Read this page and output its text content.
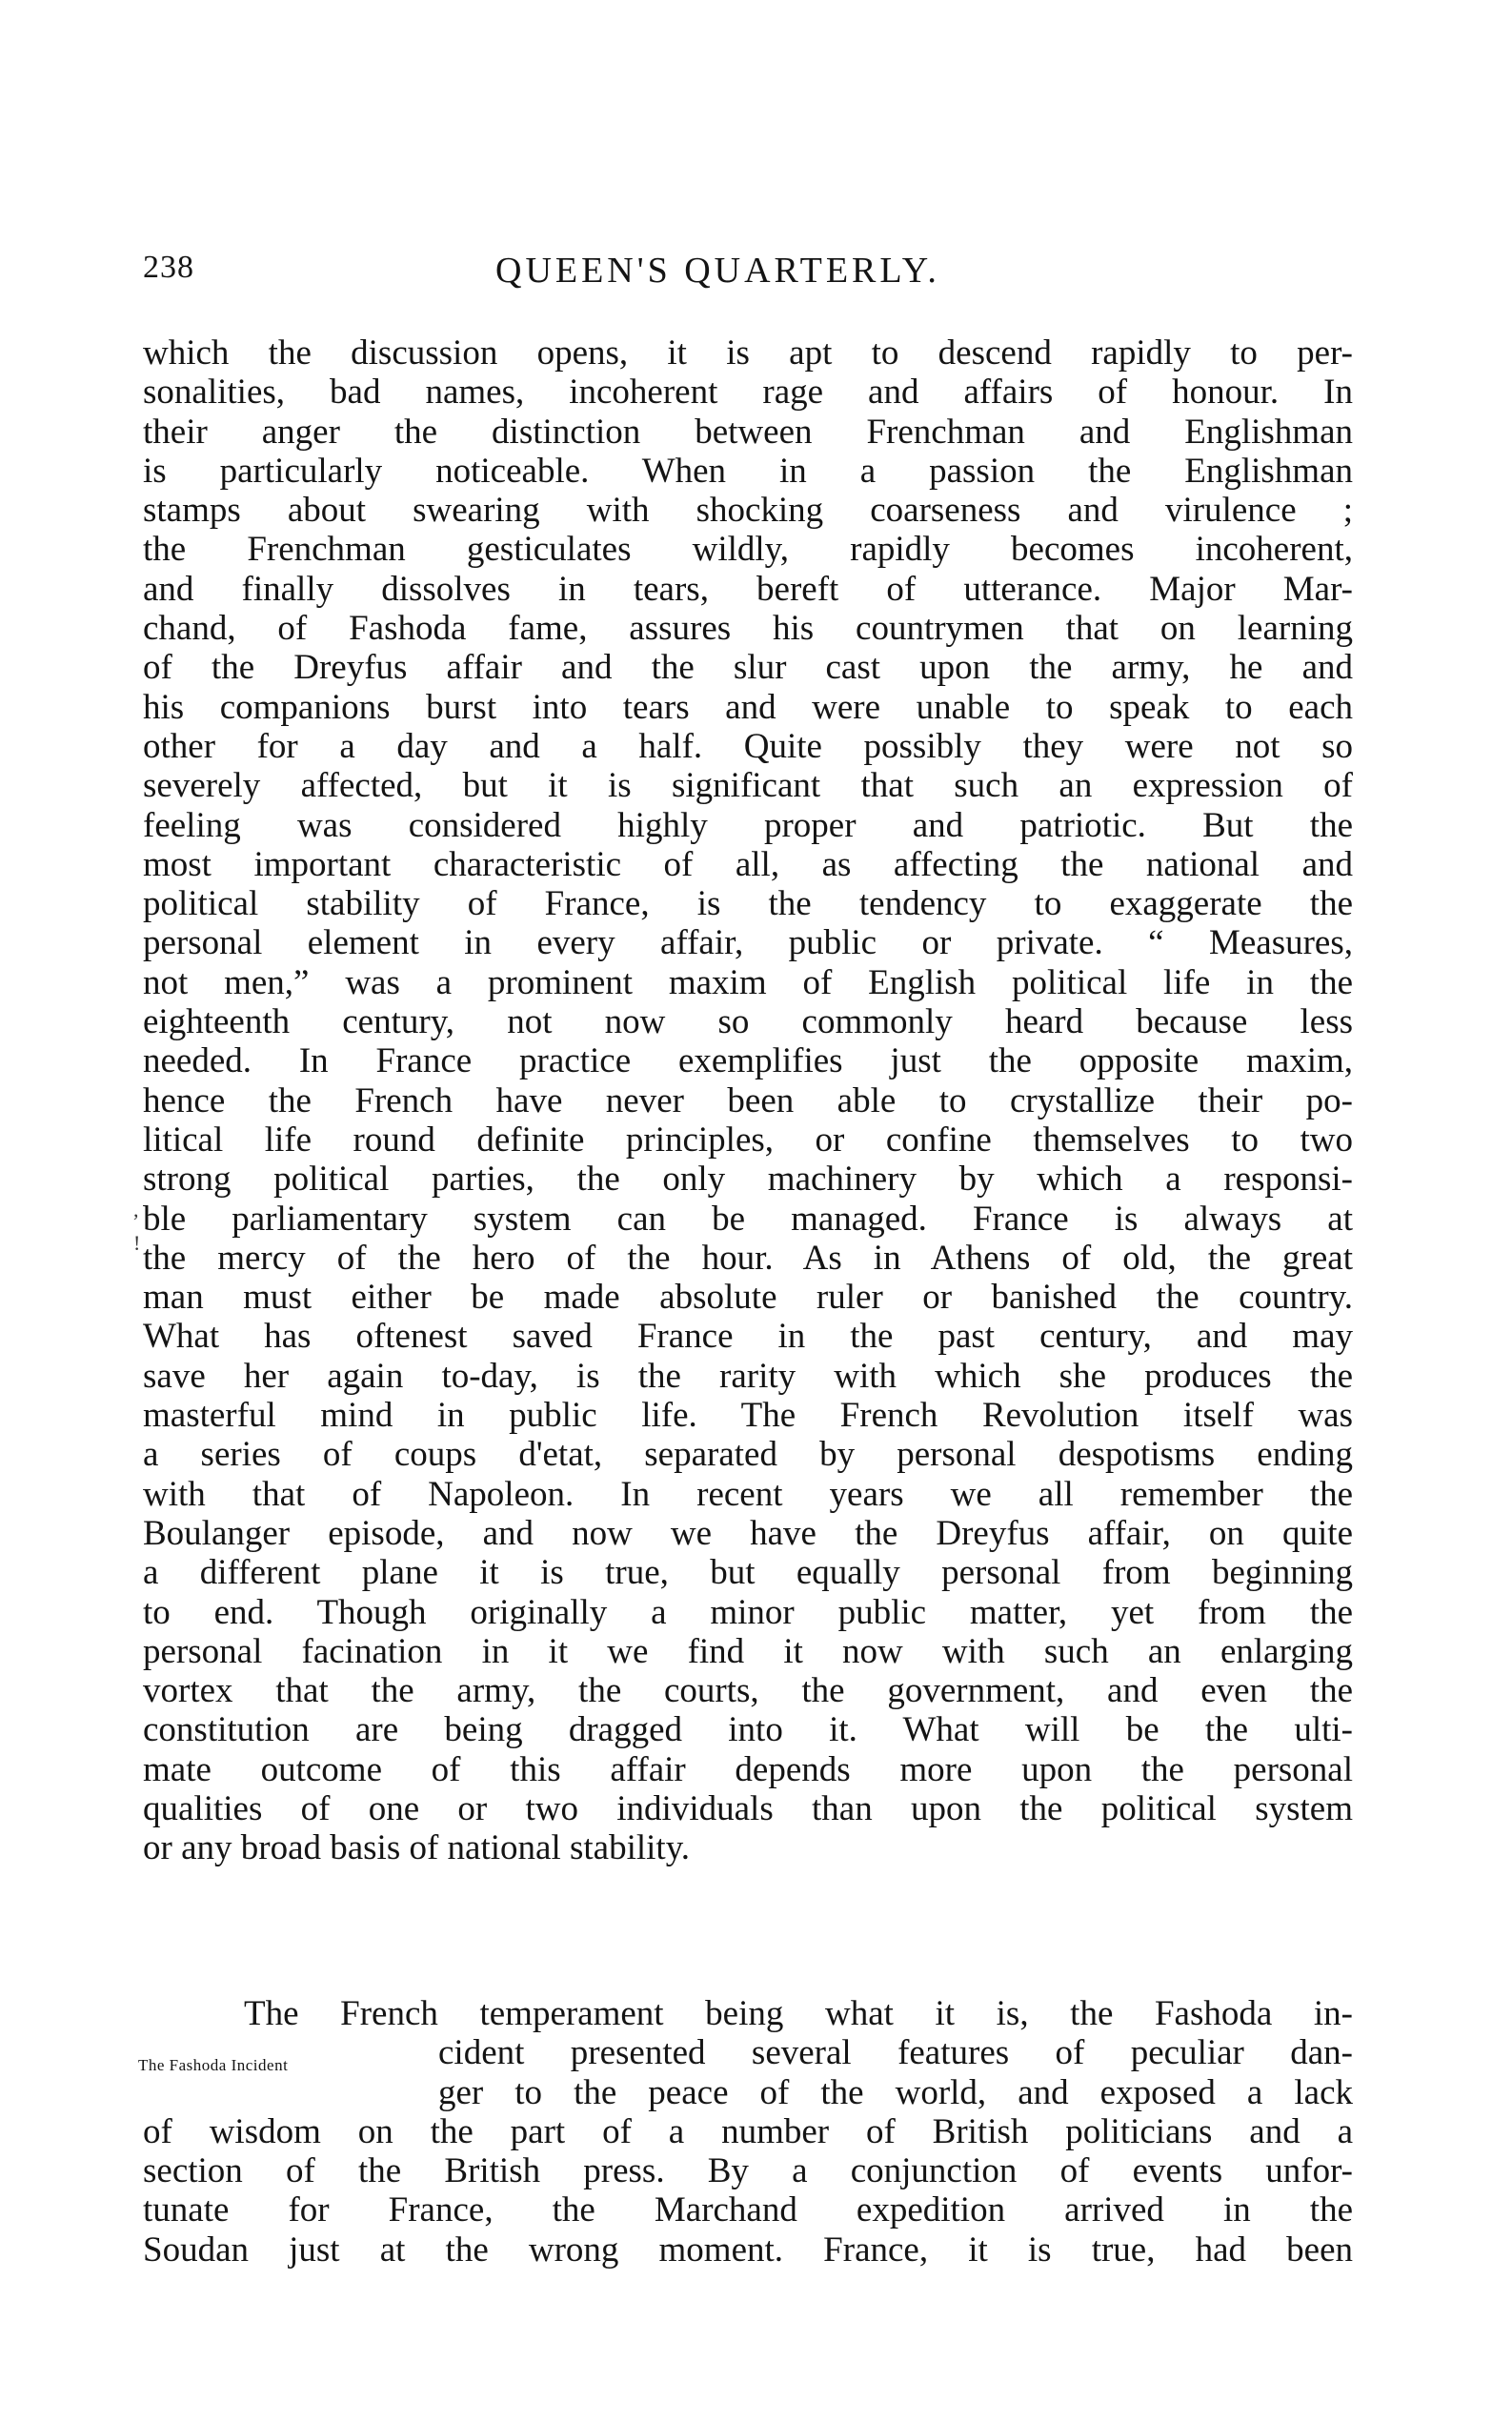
238	QUEEN'S QUARTERLY.
,
!
which the discussion opens, it is apt to descend rapidly to per-
sonalities, bad names, incoherent rage and affairs of honour. In
their anger the distinction between Frenchman and Englishman
is particularly noticeable. When in a passion the Englishman
stamps about swearing with shocking coarseness and virulence ;
the Frenchman gesticulates wildly, rapidly becomes incoherent,
and finally dissolves in tears, bereft of utterance. Major Mar-
chand, of Fashoda fame, assures his countrymen that on learning
of the Dreyfus affair and the slur cast upon the army, he and
his companions burst into tears and were unable to speak to each
other for a day and a half. Quite possibly they were not so
severely affected, but it is significant that such an expression of
feeling was considered highly proper and patriotic. But the
most important characteristic of all, as affecting the national and
political stability of France, is the tendency to exaggerate the
personal element in every affair, public or private. “ Measures,
not men,” was a prominent maxim of English political life in the
eighteenth century, not now so commonly heard because less
needed. In France practice exemplifies just the opposite maxim,
hence the French have never been able to crystallize their po-
litical life round definite principles, or confine themselves to two
strong political parties, the only machinery by which a responsi-
ble parliamentary system can be managed. France is always at
the mercy of the hero of the hour. As in Athens of old, the great
man must either be made absolute ruler or banished the country.
What has oftenest saved France in the past century, and may
save her again to-day, is the rarity with which she produces the
masterful mind in public life. The French Revolution itself was
a series of coups d'etat, separated by personal despotisms ending
with that of Napoleon. In recent years we all remember the
Boulanger episode, and now we have the Dreyfus affair, on quite
a different plane it is true, but equally personal from beginning
to end. Though originally a minor public matter, yet from the
personal facination in it we find it now with such an enlarging
vortex that the army, the courts, the government, and even the
constitution are being dragged into it. What will be the ulti-
mate outcome of this affair depends more upon the personal
qualities of one or two individuals than upon the political system
or any broad basis of national stability.
The Fashoda Incident
The French temperament being what it is, the Fashoda in-
cident presented several features of peculiar dan-
ger to the peace of the world, and exposed a lack
of wisdom on the part of a number of British politicians and a
section of the British press. By a conjunction of events unfor-
tunate for France, the Marchand expedition arrived in the
Soudan just at the wrong moment. France, it is true, had been
